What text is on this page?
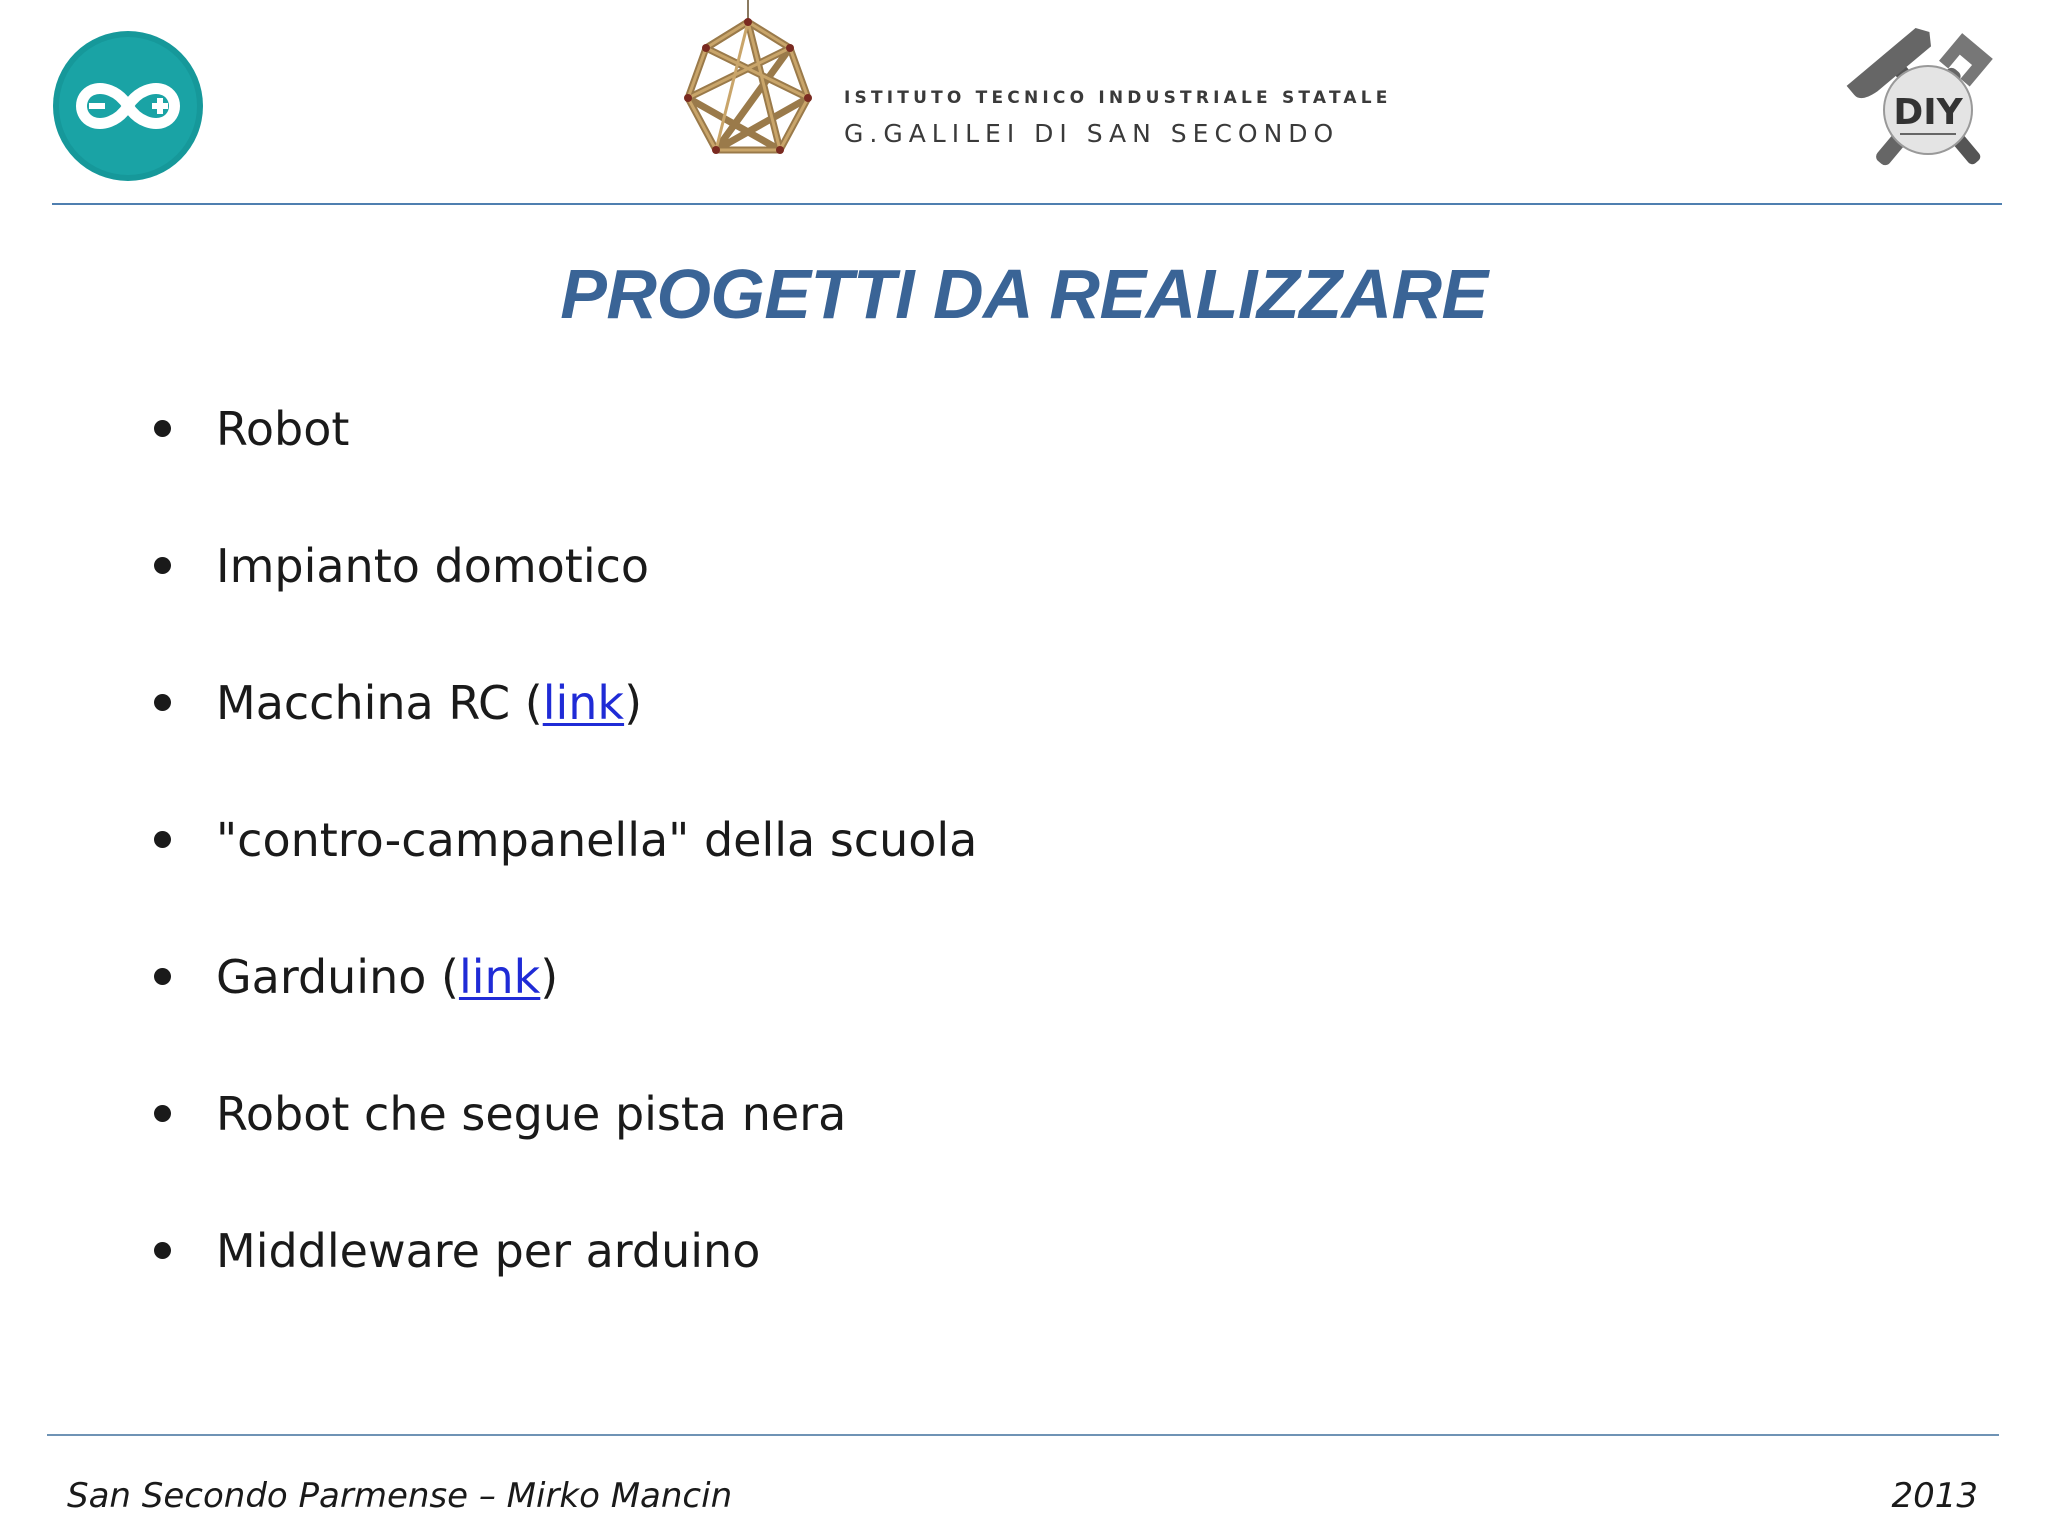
ISTITUTO TECNICO INDUSTRIALE STATALE
G.GALILEI DI SAN SECONDO
DIY
PROGETTI DA REALIZZARE
Robot
Impianto domotico
Macchina RC (link)
"contro-campanella" della scuola
Garduino (link)
Robot che segue pista nera
Middleware per arduino
San Secondo Parmense – Mirko Mancin	2013
